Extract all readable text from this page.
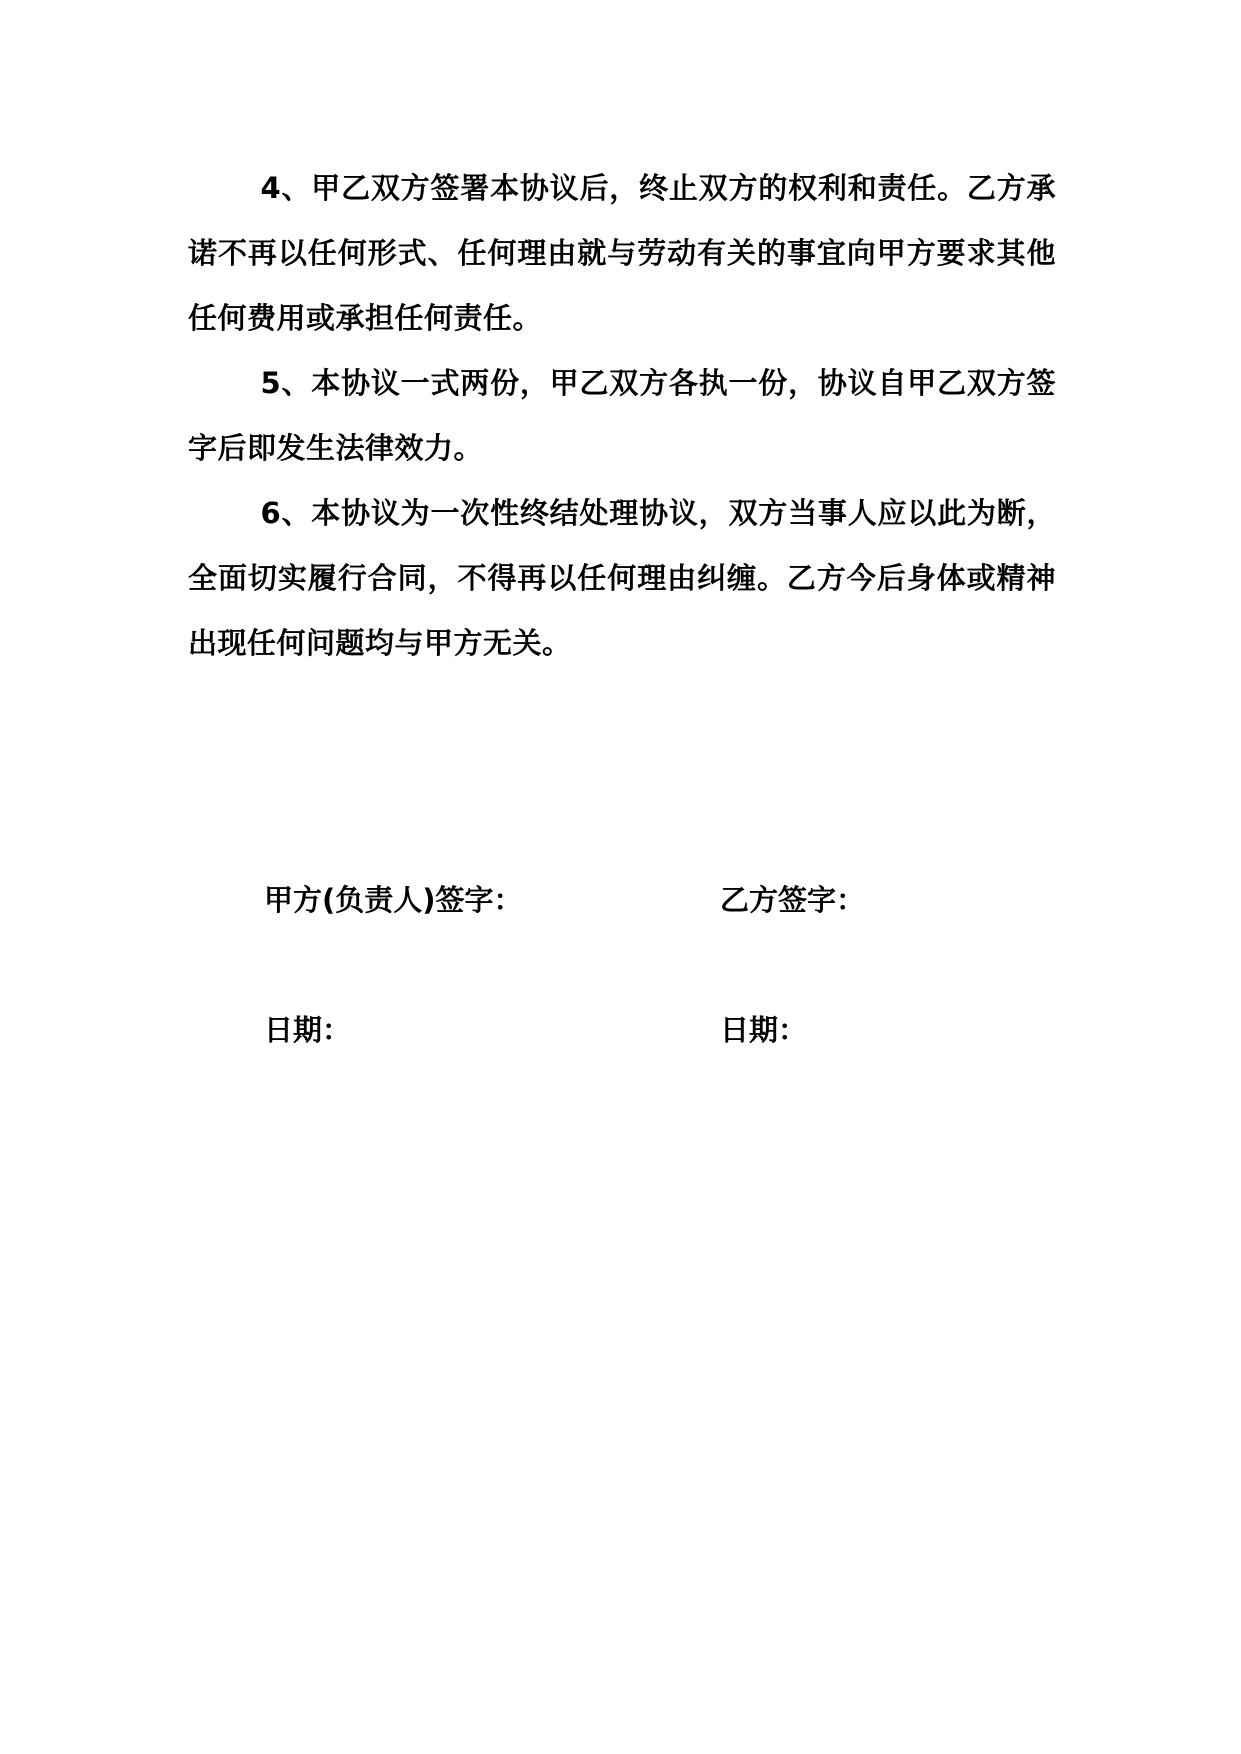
4、甲乙双方签署本协议后，终止双方的权利和责任。乙方承诺不再以任何形式、任何理由就与劳动有关的事宜向甲方要求其他任何费用或承担任何责任。

5、本协议一式两份，甲乙双方各执一份，协议自甲乙双方签字后即发生法律效力。

6、本协议为一次性终结处理协议，双方当事人应以此为断，全面切实履行合同，不得再以任何理由纠缠。乙方今后身体或精神出现任何问题均与甲方无关。

甲方(负责人)签字：	乙方签字：
日期：	日期：
